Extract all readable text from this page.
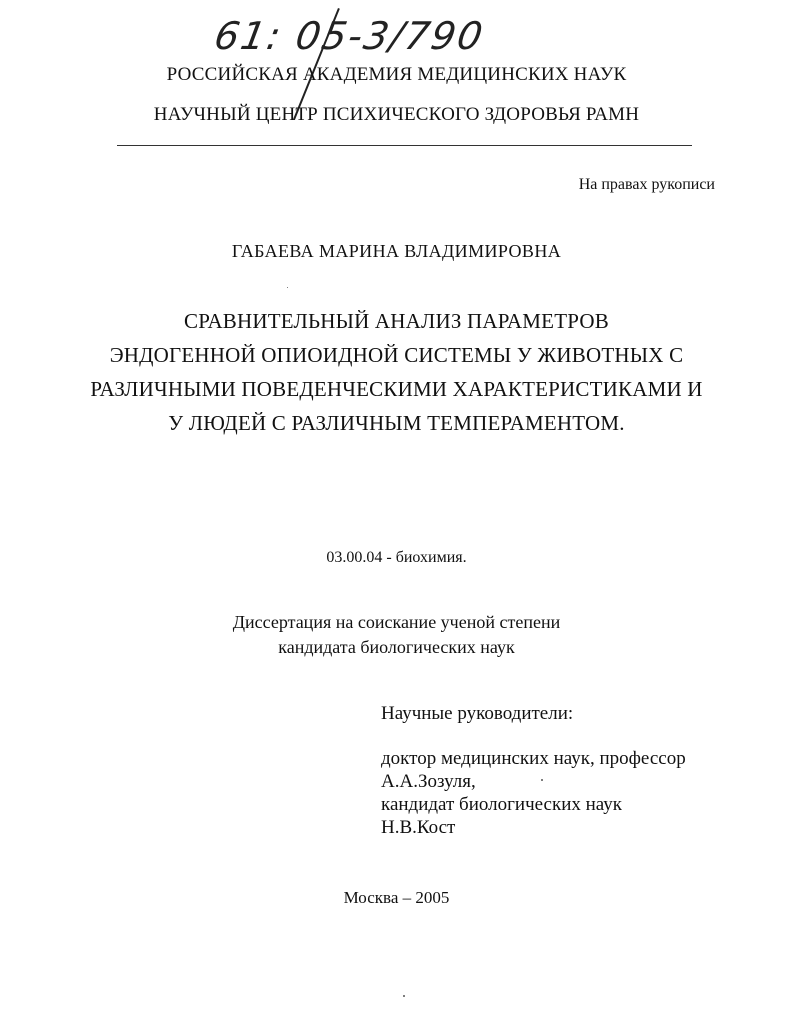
61: 05-3/790

РОССИЙСКАЯ АКАДЕМИЯ МЕДИЦИНСКИХ НАУК

НАУЧНЫЙ ЦЕНТР ПСИХИЧЕСКОГО ЗДОРОВЬЯ РАМН

На правах рукописи

ГАБАЕВА МАРИНА ВЛАДИМИРОВНА

СРАВНИТЕЛЬНЫЙ АНАЛИЗ ПАРАМЕТРОВ
ЭНДОГЕННОЙ ОПИОИДНОЙ СИСТЕМЫ У ЖИВОТНЫХ С
РАЗЛИЧНЫМИ ПОВЕДЕНЧЕСКИМИ ХАРАКТЕРИСТИКАМИ И
У ЛЮДЕЙ С РАЗЛИЧНЫМ ТЕМПЕРАМЕНТОМ.

03.00.04 - биохимия.

Диссертация на соискание ученой степени
кандидата биологических наук

Научные руководители:

доктор медицинских наук, профессор
А.А.Зозуля,
кандидат биологических наук
Н.В.Кост

Москва – 2005
